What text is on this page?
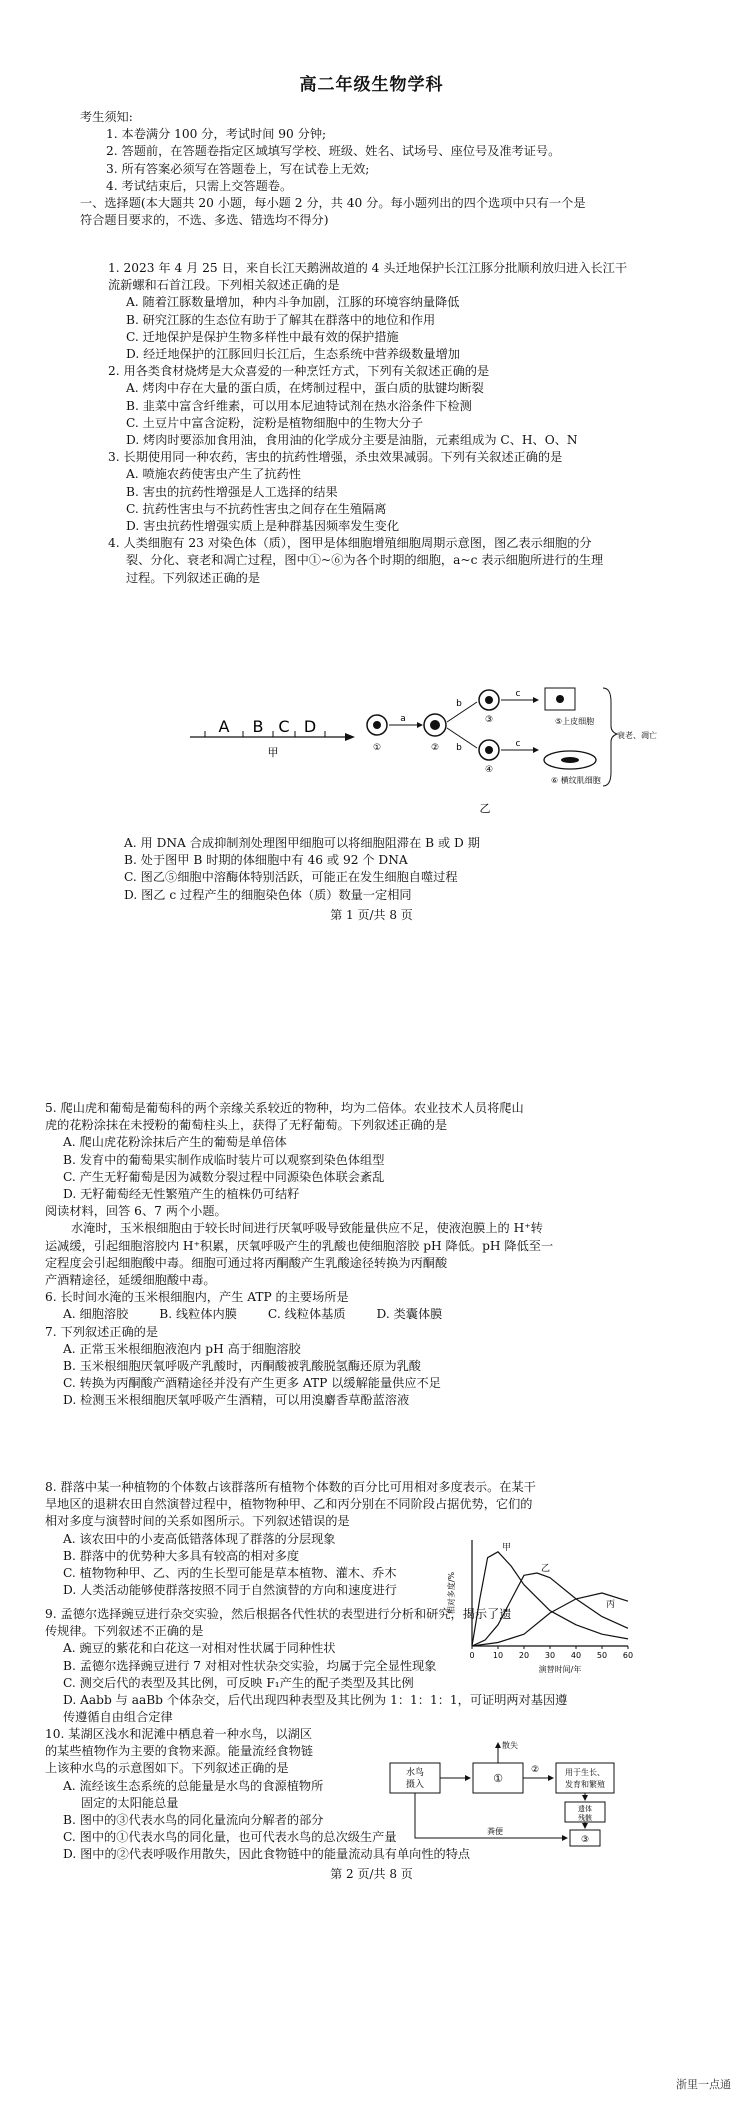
高二年级生物学科

考生须知:

1. 本卷满分 100 分，考试时间 90 分钟;

2. 答题前，在答题卷指定区域填写学校、班级、姓名、试场号、座位号及准考证号。

3. 所有答案必须写在答题卷上，写在试卷上无效;

4. 考试结束后，只需上交答题卷。

一、选择题(本大题共 20 小题，每小题 2 分，共 40 分。每小题列出的四个选项中只有一个是

符合题目要求的，不选、多选、错选均不得分)

1. 2023 年 4 月 25 日，来自长江天鹅洲故道的 4 头迁地保护长江江豚分批顺利放归进入长江干

流新螺和石首江段。下列相关叙述正确的是

A. 随着江豚数量增加，种内斗争加剧，江豚的环境容纳量降低

B. 研究江豚的生态位有助于了解其在群落中的地位和作用

C. 迁地保护是保护生物多样性中最有效的保护措施

D. 经迁地保护的江豚回归长江后，生态系统中营养级数量增加

2. 用各类食材烧烤是大众喜爱的一种烹饪方式，下列有关叙述正确的是

A. 烤肉中存在大量的蛋白质，在烤制过程中，蛋白质的肽键均断裂

B. 韭菜中富含纤维素，可以用本尼迪特试剂在热水浴条件下检测

C. 土豆片中富含淀粉，淀粉是植物细胞中的生物大分子

D. 烤肉时要添加食用油，食用油的化学成分主要是油脂，元素组成为 C、H、O、N

3. 长期使用同一种农药，害虫的抗药性增强，杀虫效果减弱。下列有关叙述正确的是

A. 喷施农药使害虫产生了抗药性

B. 害虫的抗药性增强是人工选择的结果

C. 抗药性害虫与不抗药性害虫之间存在生殖隔离

D. 害虫抗药性增强实质上是种群基因频率发生变化

4. 人类细胞有 23 对染色体（质），图甲是体细胞增殖细胞周期示意图，图乙表示细胞的分

裂、分化、衰老和凋亡过程，图中①~⑥为各个时期的细胞，a~c 表示细胞所进行的生理

过程。下列叙述正确的是

A B C D
甲	①
a
②
b
b
③
④
c
c
⑤上皮细胞
⑥ 横纹肌细胞
衰老、凋亡
乙

A. 用 DNA 合成抑制剂处理图甲细胞可以将细胞阻滞在 B 或 D 期

B. 处于图甲 B 时期的体细胞中有 46 或 92 个 DNA

C. 图乙⑤细胞中溶酶体特别活跃，可能正在发生细胞自噬过程

D. 图乙 c 过程产生的细胞染色体（质）数量一定相同

第 1 页/共 8 页

5. 爬山虎和葡萄是葡萄科的两个亲缘关系较近的物种，均为二倍体。农业技术人员将爬山

虎的花粉涂抹在未授粉的葡萄柱头上，获得了无籽葡萄。下列叙述正确的是

A. 爬山虎花粉涂抹后产生的葡萄是单倍体

B. 发育中的葡萄果实制作成临时装片可以观察到染色体组型

C. 产生无籽葡萄是因为减数分裂过程中同源染色体联会紊乱

D. 无籽葡萄经无性繁殖产生的植株仍可结籽

阅读材料，回答 6、7 两个小题。

水淹时，玉米根细胞由于较长时间进行厌氧呼吸导致能量供应不足，使液泡膜上的 H⁺转

运减缓，引起细胞溶胶内 H⁺积累，厌氧呼吸产生的乳酸也使细胞溶胶 pH 降低。pH 降低至一

定程度会引起细胞酸中毒。细胞可通过将丙酮酸产生乳酸途径转换为丙酮酸

产酒精途径，延缓细胞酸中毒。

6. 长时间水淹的玉米根细胞内，产生 ATP 的主要场所是

A. 细胞溶胶        B. 线粒体内膜        C. 线粒体基质        D. 类囊体膜

7. 下列叙述正确的是

A. 正常玉米根细胞液泡内 pH 高于细胞溶胶

B. 玉米根细胞厌氧呼吸产乳酸时，丙酮酸被乳酸脱氢酶还原为乳酸

C. 转换为丙酮酸产酒精途径并没有产生更多 ATP 以缓解能量供应不足

D. 检测玉米根细胞厌氧呼吸产生酒精，可以用溴麝香草酚蓝溶液

8. 群落中某一种植物的个体数占该群落所有植物个体数的百分比可用相对多度表示。在某干

旱地区的退耕农田自然演替过程中，植物物种甲、乙和丙分别在不同阶段占据优势，它们的

相对多度与演替时间的关系如图所示。下列叙述错误的是

A. 该农田中的小麦高低错落体现了群落的分层现象

B. 群落中的优势种大多具有较高的相对多度

C. 植物物种甲、乙、丙的生长型可能是草本植物、灌木、乔木

D. 人类活动能够使群落按照不同于自然演替的方向和速度进行

0 10 20 30 40 50 60
演替时间/年
相对多度/%
甲
乙
丙

9. 孟德尔选择豌豆进行杂交实验，然后根据各代性状的表型进行分析和研究，揭示了遗

传规律。下列叙述不正确的是

A. 豌豆的紫花和白花这一对相对性状属于同种性状

B. 孟德尔选择豌豆进行 7 对相对性状杂交实验，均属于完全显性现象

C. 测交后代的表型及其比例，可反映 F₁产生的配子类型及其比例

D. Aabb 与 aaBb 个体杂交，后代出现四种表型及其比例为 1：1：1：1，可证明两对基因遵

传遵循自由组合定律

10. 某湖区浅水和泥滩中栖息着一种水鸟，以湖区

的某些植物作为主要的食物来源。能量流经食物链

上该种水鸟的示意图如下。下列叙述正确的是

A. 流经该生态系统的总能量是水鸟的食源植物所

固定的太阳能总量

B. 图中的③代表水鸟的同化量流向分解者的部分

C. 图中的①代表水鸟的同化量，也可代表水鸟的总次级生产量

D. 图中的②代表呼吸作用散失，因此食物链中的能量流动具有单向性的特点

水鸟
摄入	①	用于生长、
发育和繁殖
散失
②
遗体
残骸
③
粪便
第 2 页/共 8 页
浙里一点通
